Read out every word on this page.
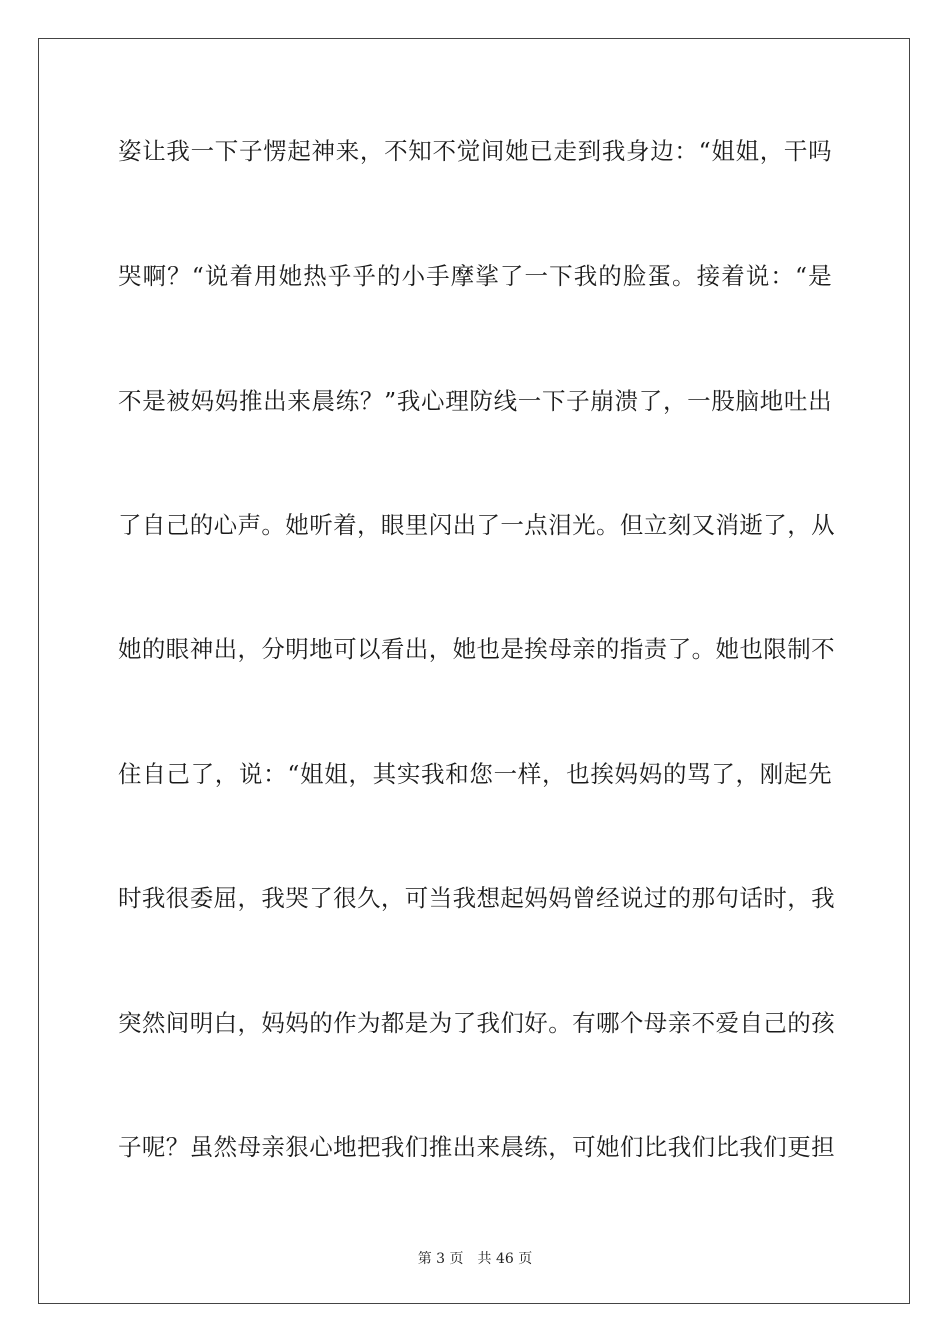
姿让我一下子愣起神来，不知不觉间她已走到我身边：“姐姐，干吗
哭啊？“说着用她热乎乎的小手摩挲了一下我的脸蛋。接着说：“是
不是被妈妈推出来晨练？”我心理防线一下子崩溃了，一股脑地吐出
了自己的心声。她听着，眼里闪出了一点泪光。但立刻又消逝了，从
她的眼神出，分明地可以看出，她也是挨母亲的指责了。她也限制不
住自己了，说：“姐姐，其实我和您一样，也挨妈妈的骂了，刚起先
时我很委屈，我哭了很久，可当我想起妈妈曾经说过的那句话时，我
突然间明白，妈妈的作为都是为了我们好。有哪个母亲不爱自己的孩
子呢？虽然母亲狠心地把我们推出来晨练，可她们比我们比我们更担
第 3 页 共 46 页
